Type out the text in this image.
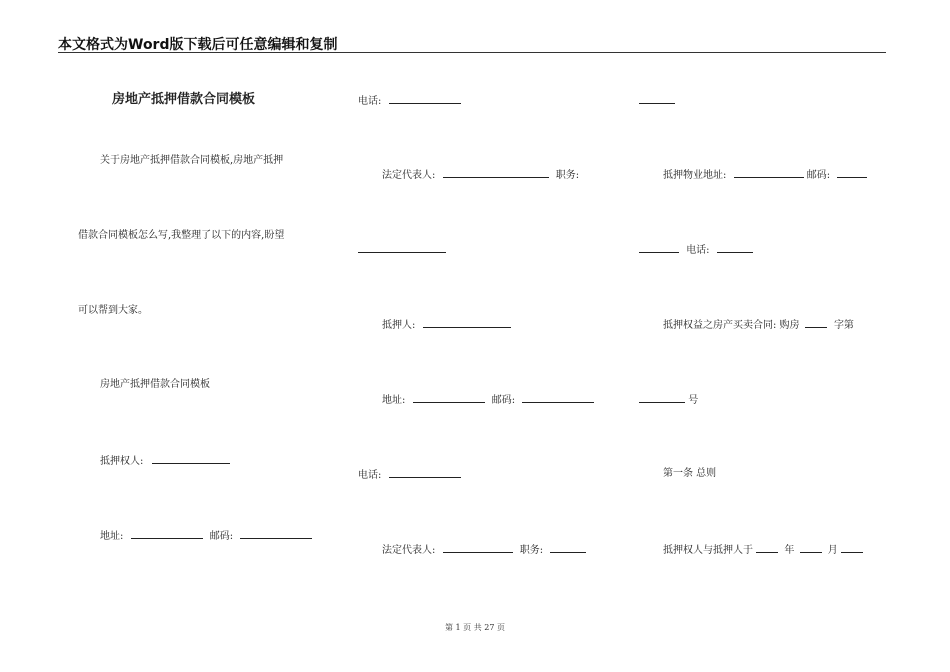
本文格式为Word版下载后可任意编辑和复制
房地产抵押借款合同模板
关于房地产抵押借款合同模板,房地产抵押
借款合同模板怎么写,我整理了以下的内容,盼望
可以帮到大家。
房地产抵押借款合同模板
抵押权人:
地址:	邮码:
电话:
法定代表人:	职务:
抵押人:
地址:	邮码:
电话:
法定代表人:	职务:
抵押物业地址:	邮码:
电话:
抵押权益之房产买卖合同: 购房	字第
号
第一条 总则
抵押权人与抵押人于	年	月
第 1 页 共 27 页
